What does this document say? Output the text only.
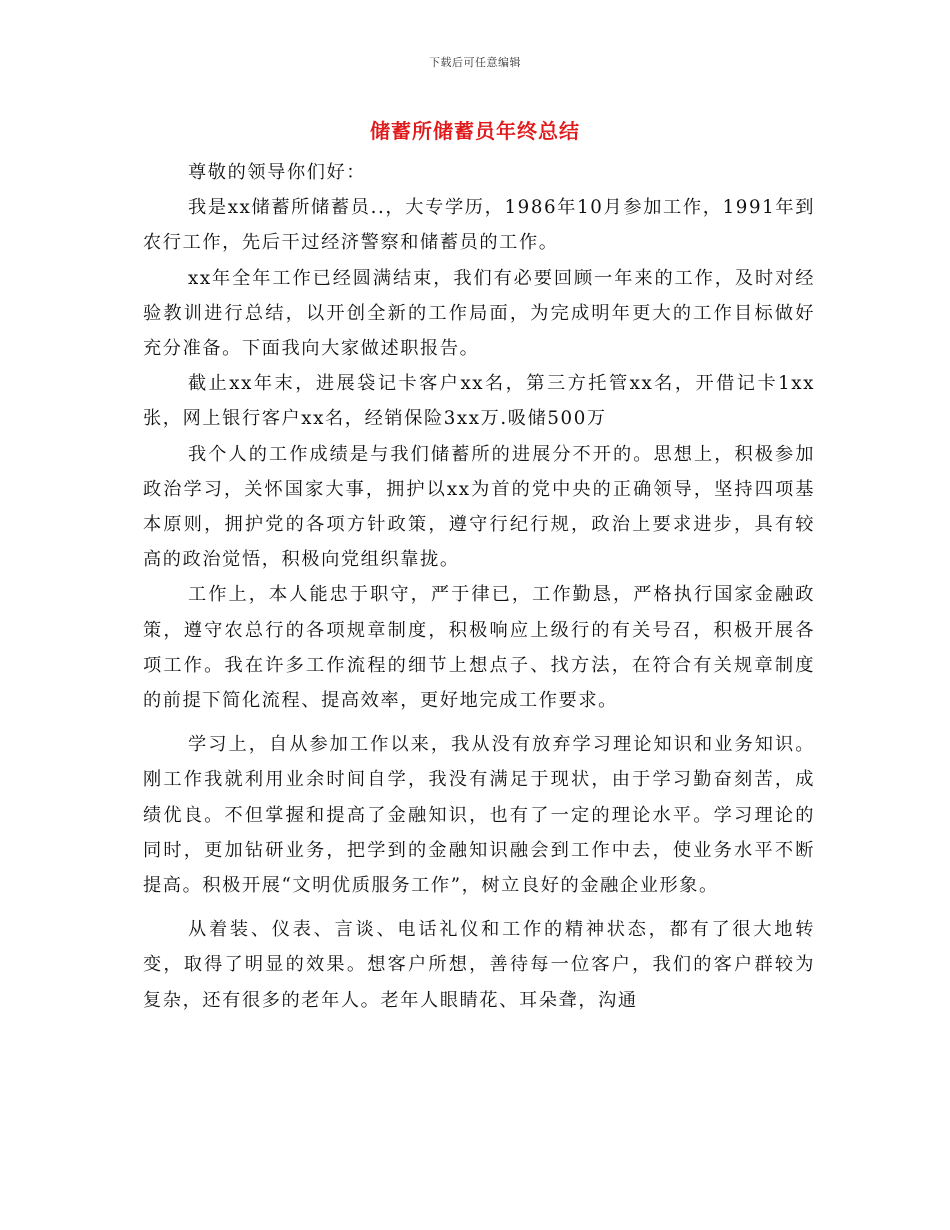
下载后可任意编辑
储蓄所储蓄员年终总结

尊敬的领导你们好：

我是xx储蓄所储蓄员..，大专学历，1986年10月参加工作，1991年到农行工作，先后干过经济警察和储蓄员的工作。

xx年全年工作已经圆满结束，我们有必要回顾一年来的工作，及时对经验教训进行总结，以开创全新的工作局面，为完成明年更大的工作目标做好充分准备。下面我向大家做述职报告。

截止xx年末，进展袋记卡客户xx名，第三方托管xx名，开借记卡1xx张，网上银行客户xx名，经销保险3xx万.吸储500万

我个人的工作成绩是与我们储蓄所的进展分不开的。思想上，积极参加政治学习，关怀国家大事，拥护以xx为首的党中央的正确领导，坚持四项基本原则，拥护党的各项方针政策，遵守行纪行规，政治上要求进步，具有较高的政治觉悟，积极向党组织靠拢。

工作上，本人能忠于职守，严于律已，工作勤恳，严格执行国家金融政策，遵守农总行的各项规章制度，积极响应上级行的有关号召，积极开展各项工作。我在许多工作流程的细节上想点子、找方法，在符合有关规章制度的前提下简化流程、提高效率，更好地完成工作要求。

学习上，自从参加工作以来，我从没有放弃学习理论知识和业务知识。刚工作我就利用业余时间自学，我没有满足于现状，由于学习勤奋刻苦，成绩优良。不但掌握和提高了金融知识，也有了一定的理论水平。学习理论的同时，更加钻研业务，把学到的金融知识融会到工作中去，使业务水平不断提高。积极开展“文明优质服务工作”，树立良好的金融企业形象。

从着装、仪表、言谈、电话礼仪和工作的精神状态，都有了很大地转变，取得了明显的效果。想客户所想，善待每一位客户，我们的客户群较为复杂，还有很多的老年人。老年人眼睛花、耳朵聋，沟通
